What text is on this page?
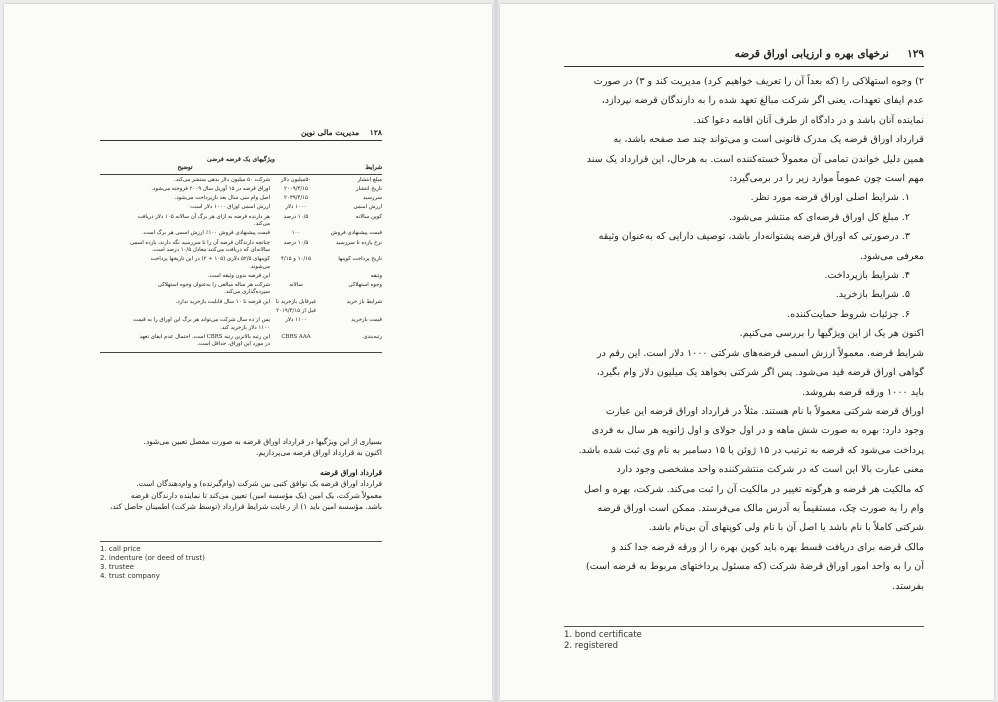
۱۲۸    مدیریت مالی نوین
ویژگیهای یک قرضه فرضی
شرایط
توضیح
مبلغ انتشار
۵۰میلیون دلار
شرکت ۵۰ میلیون دلار بدهی منتشر می‌کند.
تاریخ انتشار
۲۰۰۹/۴/۱۵
اوراق قرضه در ۱۵ آوریل سال ۲۰۰۹ فروخته می‌شود.
سررسید
۲۰۳۹/۴/۱۵
اصل وام سی سال بعد بازپرداخت می‌شود.
ارزش اسمی
۱۰۰۰ دلار
ارزش اسمی اوراق ۱۰۰۰ دلار است.
کوپن سالانه
۱۰/۵ درصد
هر دارنده قرضه به ازای هر برگ آن سالانه ۱۰۵ دلار دریافت
می‌کند.
قیمت پیشنهادی فروش
۱۰۰
قیمت پیشنهادی فروش ۱۰۰٪ ارزش اسمی هر برگ است.
نرخ بازده تا سررسید
۱۰/۵ درصد
چنانچه دارندگان قرضه آن را تا سررسید نگه دارند، بازده اسمی
سالانه‌ای که دریافت می‌کنند معادل ۱۰/۵ درصد است.
تاریخ پرداخت کوپنها
۱۰/۱۵ و ۴/۱۵
کوپنهای ۵۲/۵ دلاری (۱۰۵ ÷ ۲) در این تاریخها پرداخت
می‌شوند.
وثیقه
این قرضه بدون وثیقه است.
وجوه استهلاکی
سالانه
شرکت هر ساله مبالغی را به‌عنوان وجوه استهلاکی
سپرده‌گذاری می‌کند.
شرایط باز خرید
غیرقابل بازخرید تا
این قرضه تا ۱۰ سال قابلیت بازخرید ندارد.
قبل از ۲۰۱۹/۴/۱۵
قیمت بازخرید
۱۱۰۰ دلار
پس از ده سال شرکت می‌تواند هر برگ این اوراق را به قیمت
۱۱۰۰ دلار بازخرید کند.
رتبه‌بندی
CBRS AAA
این رتبه بالاترین رتبه CBRS است. احتمال عدم ایفای تعهد
در مورد این اوراق، حداقل است.
بسیاری از این ویژگیها در قرارداد اوراق قرضه به صورت مفصل تعیین می‌شود.
اکنون به قرارداد اوراق قرضه می‌پردازیم.
قرارداد اوراق قرضه
قرارداد اوراق قرضه یک توافق کتبی بین شرکت (وام‌گیرنده) و وام‌دهندگان است.
معمولاً شرکت، یک امین (یک مؤسسه امین) تعیین می‌کند تا نماینده دارندگان قرضه
باشد. مؤسسه امین باید ۱) از رعایت شرایط قرارداد (توسط شرکت) اطمینان حاصل کند،
1. call price
2. indenture (or deed of trust)
3. trustee
4. trust company
۱۲۹     نرخهای بهره و ارزیابی اوراق قرضه
۲) وجوه استهلاکی را (که بعداً آن را تعریف خواهیم کرد) مدیریت کند و ۳) در صورت
عدم ایفای تعهدات، یعنی اگر شرکت مبالغ تعهد شده را به دارندگان قرضه نپردازد،
نماینده آنان باشد و در دادگاه از طرف آنان اقامه دعوا کند.
قرارداد اوراق قرضه یک مدرک قانونی است و می‌تواند چند صد صفحه باشد، به
همین دلیل خواندن تمامی آن معمولاً خسته‌کننده است. به هرحال، این قرارداد یک سند
مهم است چون عموماً موارد زیر را در برمی‌گیرد:
۱. شرایط اصلی اوراق قرضه مورد نظر.
۲. مبلغ کل اوراق قرضه‌ای که منتشر می‌شود.
۳. درصورتی که اوراق قرضه پشتوانه‌دار باشد، توصیف دارایی که به‌عنوان وثیقه
معرفی می‌شود.
۴. شرایط بازپرداخت.
۵. شرایط بازخرید.
۶. جزئیات شروط حمایت‌کننده.
اکنون هر یک از این ویژگیها را بررسی می‌کنیم.
شرایط قرضه. معمولاً ارزش اسمی قرضه‌های شرکتی ۱۰۰۰ دلار است. این رقم در
گواهی اوراق قرضه قید می‌شود. پس اگر شرکتی بخواهد یک میلیون دلار وام بگیرد،
باید ۱۰۰۰ ورقه قرضه بفروشد.
اوراق قرضه شرکتی معمولاً با نام هستند. مثلاً در قرارداد اوراق قرضه این عبارت
وجود دارد: بهره به صورت شش ماهه و در اول جولای و اول ژانویه هر سال به فردی
پرداخت می‌شود که قرضه به ترتیب در ۱۵ ژوئن یا ۱۵ دسامبر به نام وی ثبت شده باشد.
معنی عبارت بالا این است که در شرکت منتشرکننده واحد مشخصی وجود دارد
که مالکیت هر قرضه و هرگونه تغییر در مالکیت آن را ثبت می‌کند. شرکت، بهره و اصل
وام را به صورت چک، مستقیماً به آدرس مالک می‌فرستد. ممکن است اوراق قرضه
شرکتی کاملاً با نام باشد یا اصل آن با نام ولی کوپنهای آن بی‌نام باشد.
مالک قرضه برای دریافت قسط بهره باید کوپن بهره را از ورقه قرضه جدا کند و
آن را به واحد امور اوراق قرضهٔ شرکت (که مسئول پرداختهای مربوط به قرضه است)
بفرستد.
1. bond certificate
2. registered
